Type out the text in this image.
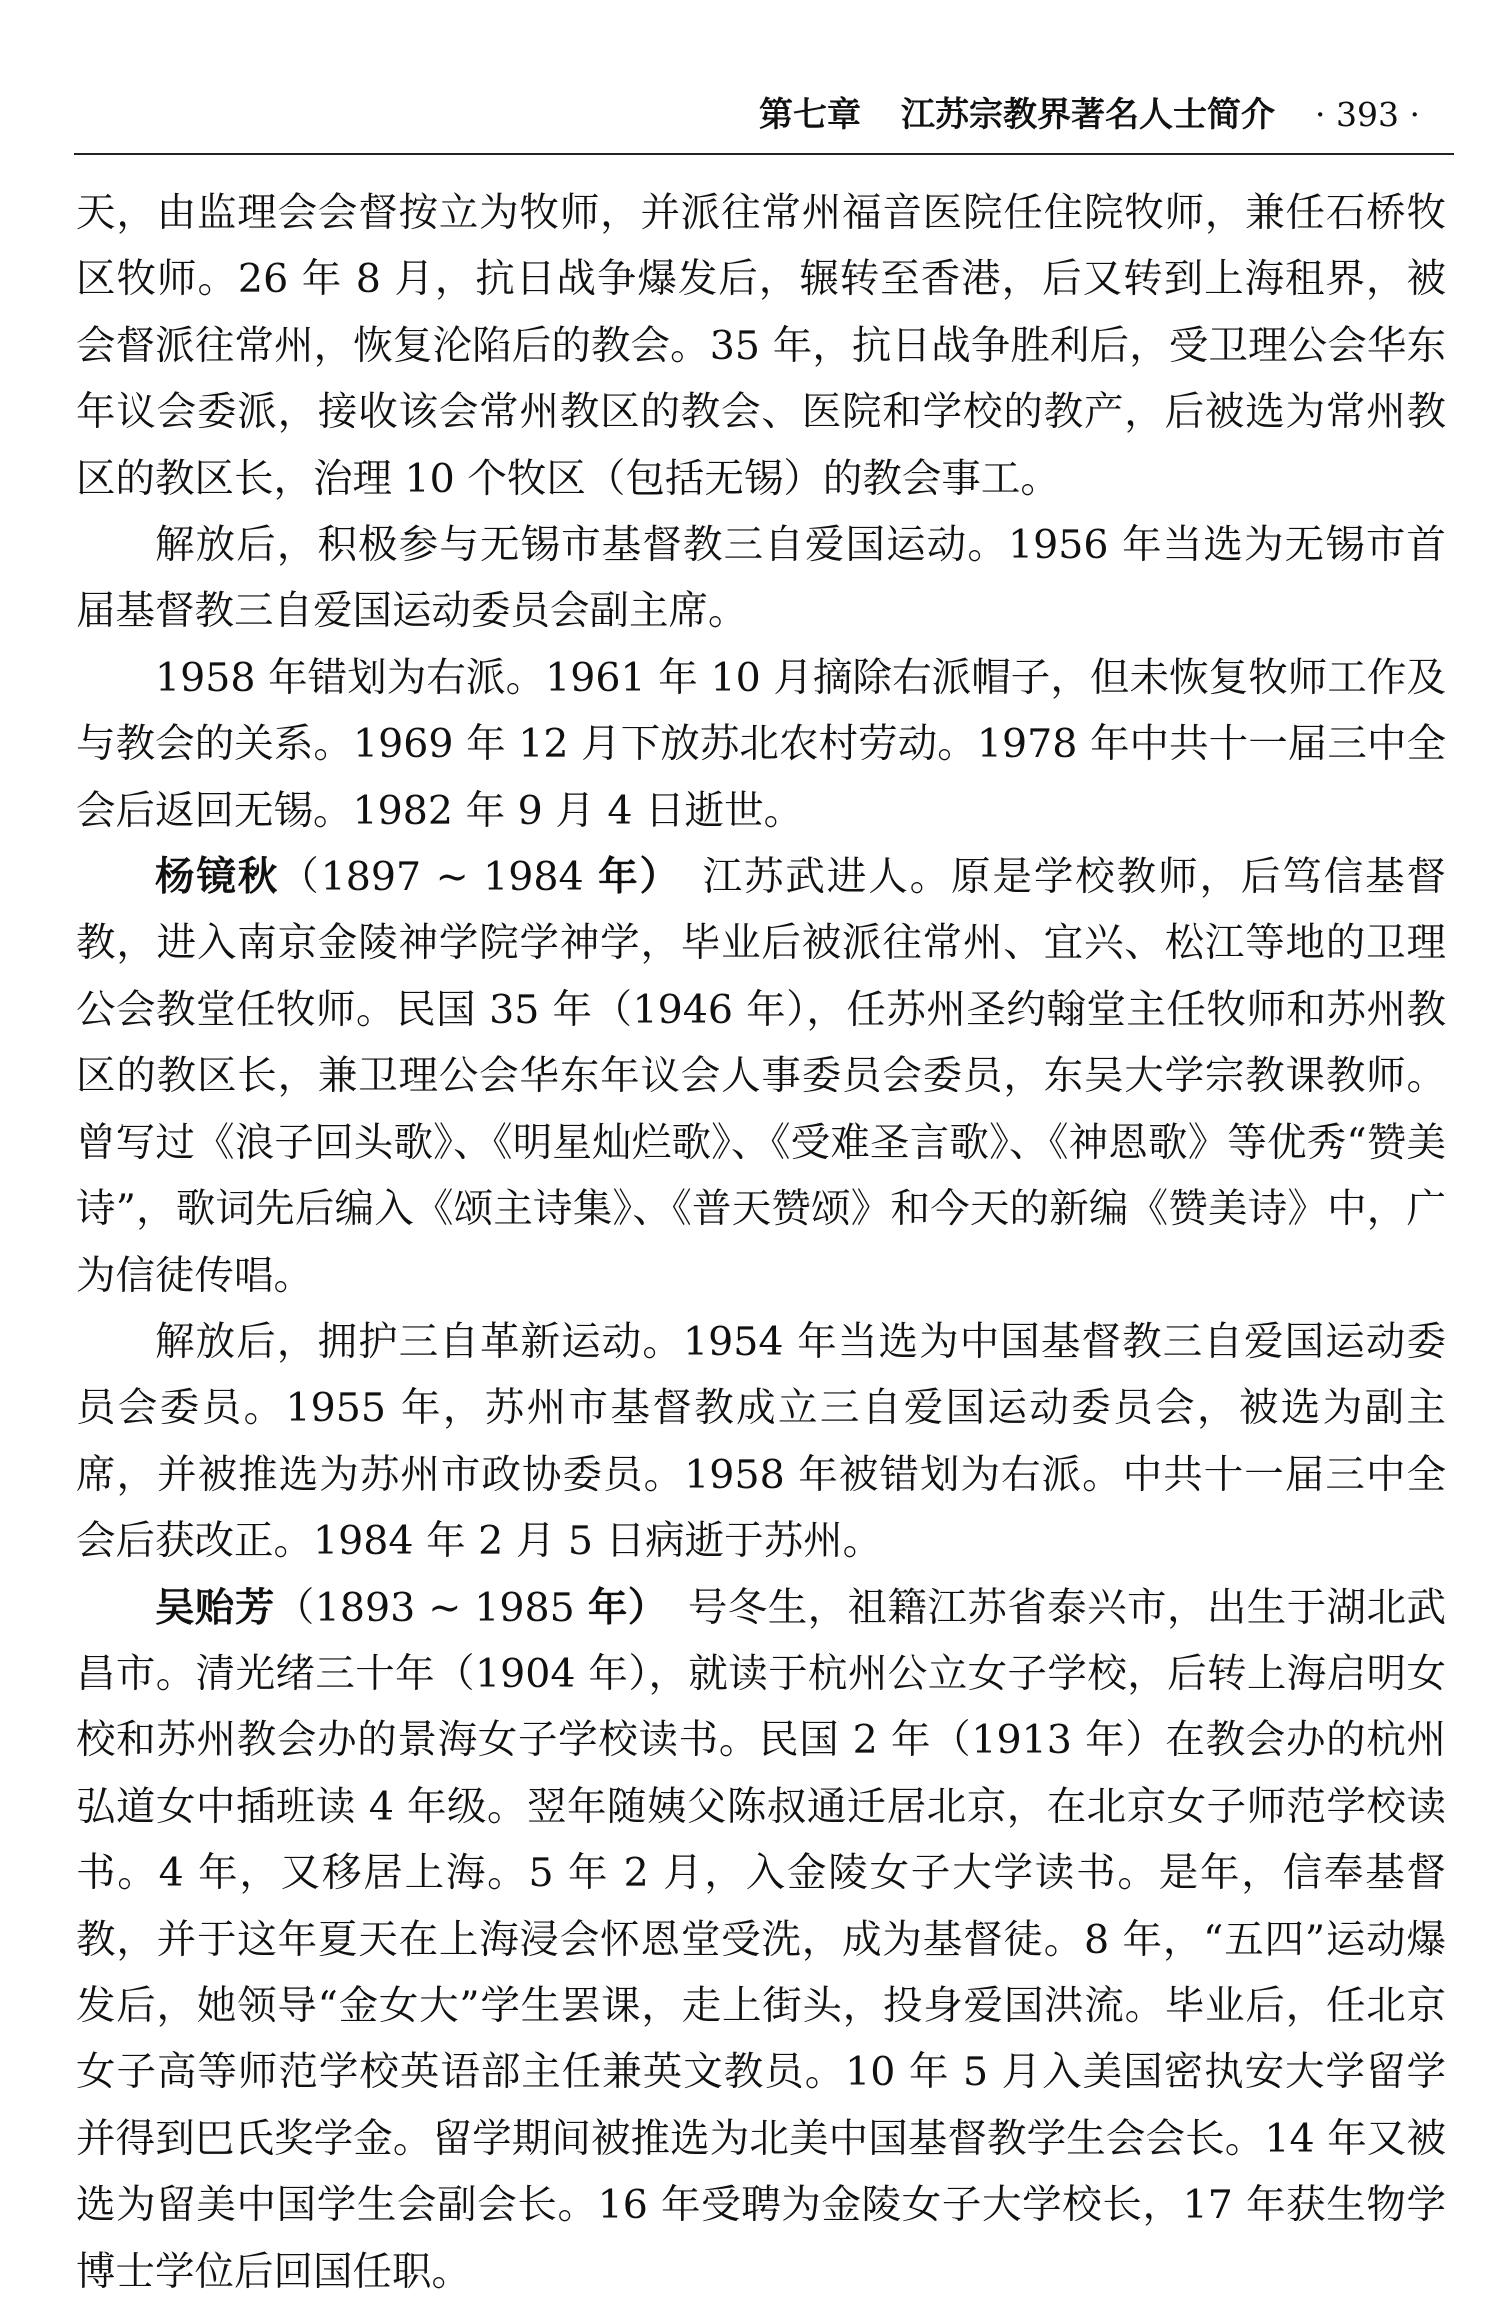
第七章 江苏宗教界著名人士简介 · 393 ·

天，由监理会会督按立为牧师，并派往常州福音医院任住院牧师，兼任石桥牧区牧师。26 年 8 月，抗日战争爆发后，辗转至香港，后又转到上海租界，被会督派往常州，恢复沦陷后的教会。35 年，抗日战争胜利后，受卫理公会华东年议会委派，接收该会常州教区的教会、医院和学校的教产，后被选为常州教区的教区长，治理 10 个牧区（包括无锡）的教会事工。

解放后，积极参与无锡市基督教三自爱国运动。1956 年当选为无锡市首届基督教三自爱国运动委员会副主席。

1958 年错划为右派。1961 年 10 月摘除右派帽子，但未恢复牧师工作及与教会的关系。1969 年 12 月下放苏北农村劳动。1978 年中共十一届三中全会后返回无锡。1982 年 9 月 4 日逝世。

杨镜秋（1897 ~ 1984 年）　江苏武进人。原是学校教师，后笃信基督教，进入南京金陵神学院学神学，毕业后被派往常州、宜兴、松江等地的卫理公会教堂任牧师。民国 35 年（1946 年），任苏州圣约翰堂主任牧师和苏州教区的教区长，兼卫理公会华东年议会人事委员会委员，东吴大学宗教课教师。曾写过《浪子回头歌》、《明星灿烂歌》、《受难圣言歌》、《神恩歌》等优秀“赞美诗”，歌词先后编入《颂主诗集》、《普天赞颂》和今天的新编《赞美诗》中，广为信徒传唱。

解放后，拥护三自革新运动。1954 年当选为中国基督教三自爱国运动委员会委员。1955 年，苏州市基督教成立三自爱国运动委员会，被选为副主席，并被推选为苏州市政协委员。1958 年被错划为右派。中共十一届三中全会后获改正。1984 年 2 月 5 日病逝于苏州。

吴贻芳（1893 ~ 1985 年）　号冬生，祖籍江苏省泰兴市，出生于湖北武昌市。清光绪三十年（1904 年），就读于杭州公立女子学校，后转上海启明女校和苏州教会办的景海女子学校读书。民国 2 年（1913 年）在教会办的杭州弘道女中插班读 4 年级。翌年随姨父陈叔通迁居北京，在北京女子师范学校读书。4 年，又移居上海。5 年 2 月，入金陵女子大学读书。是年，信奉基督教，并于这年夏天在上海浸会怀恩堂受洗，成为基督徒。8 年，“五四”运动爆发后，她领导“金女大”学生罢课，走上街头，投身爱国洪流。毕业后，任北京女子高等师范学校英语部主任兼英文教员。10 年 5 月入美国密执安大学留学并得到巴氏奖学金。留学期间被推选为北美中国基督教学生会会长。14 年又被选为留美中国学生会副会长。16 年受聘为金陵女子大学校长，17 年获生物学博士学位后回国任职。
